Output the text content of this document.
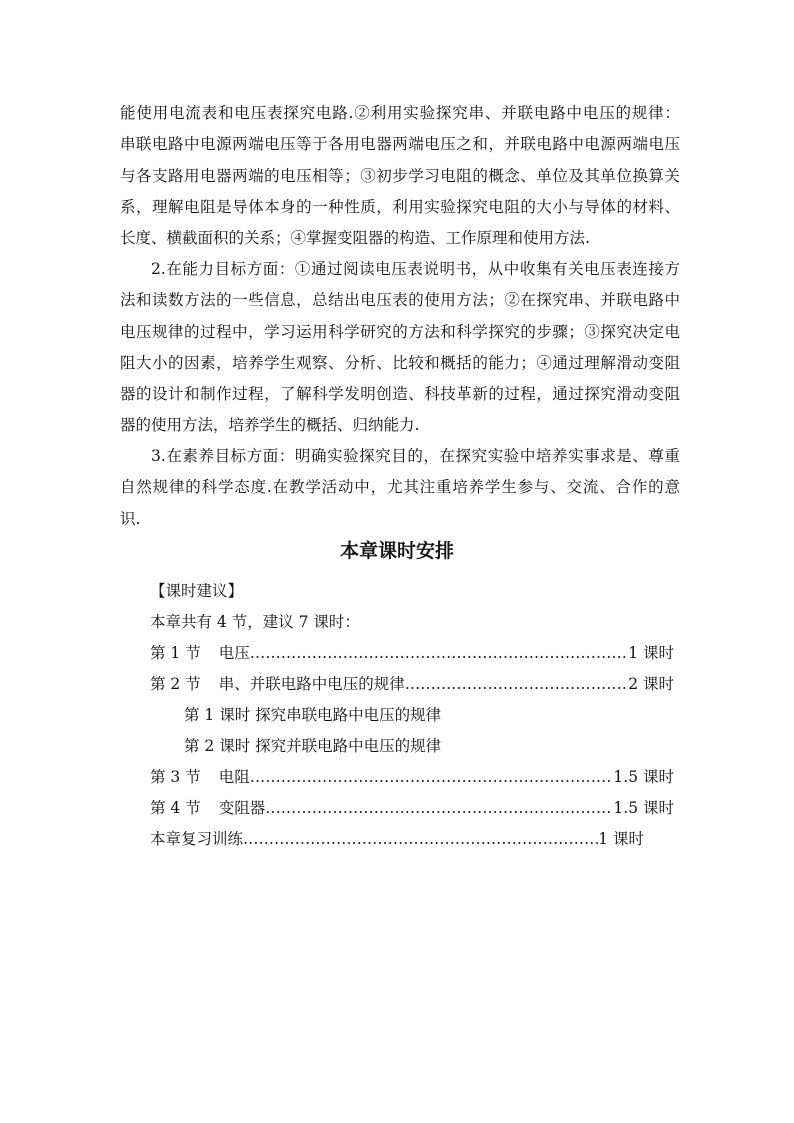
能使用电流表和电压表探究电路.②利用实验探究串、并联电路中电压的规律：
串联电路中电源两端电压等于各用电器两端电压之和，并联电路中电源两端电压
与各支路用电器两端的电压相等；③初步学习电阻的概念、单位及其单位换算关
系，理解电阻是导体本身的一种性质，利用实验探究电阻的大小与导体的材料、
长度、横截面积的关系；④掌握变阻器的构造、工作原理和使用方法.
2.在能力目标方面：①通过阅读电压表说明书，从中收集有关电压表连接方
法和读数方法的一些信息，总结出电压表的使用方法；②在探究串、并联电路中
电压规律的过程中，学习运用科学研究的方法和科学探究的步骤；③探究决定电
阻大小的因素，培养学生观察、分析、比较和概括的能力；④通过理解滑动变阻
器的设计和制作过程，了解科学发明创造、科技革新的过程，通过探究滑动变阻
器的使用方法，培养学生的概括、归纳能力.
3.在素养目标方面：明确实验探究目的，在探究实验中培养实事求是、尊重
自然规律的科学态度.在教学活动中，尤其注重培养学生参与、交流、合作的意
识.
本章课时安排
【课时建议】
本章共有 4 节，建议 7 课时：
第 1 节 电压 …………………………………………………………………………………………………………………………………………………………	1 课时
第 2 节 串、并联电路中电压的规律 …………………………………………………………………………………………………………………………………………………………	2 课时
第 1 课时 探究串联电路中电压的规律
第 2 课时 探究并联电路中电压的规律
第 3 节 电阻 …………………………………………………………………………………………………………………………………………………………	1.5 课时
第 4 节 变阻器 …………………………………………………………………………………………………………………………………………………………	1.5 课时
本章复习训练 …………………………………………………………………………………………………………………………………………………………	1 课时
